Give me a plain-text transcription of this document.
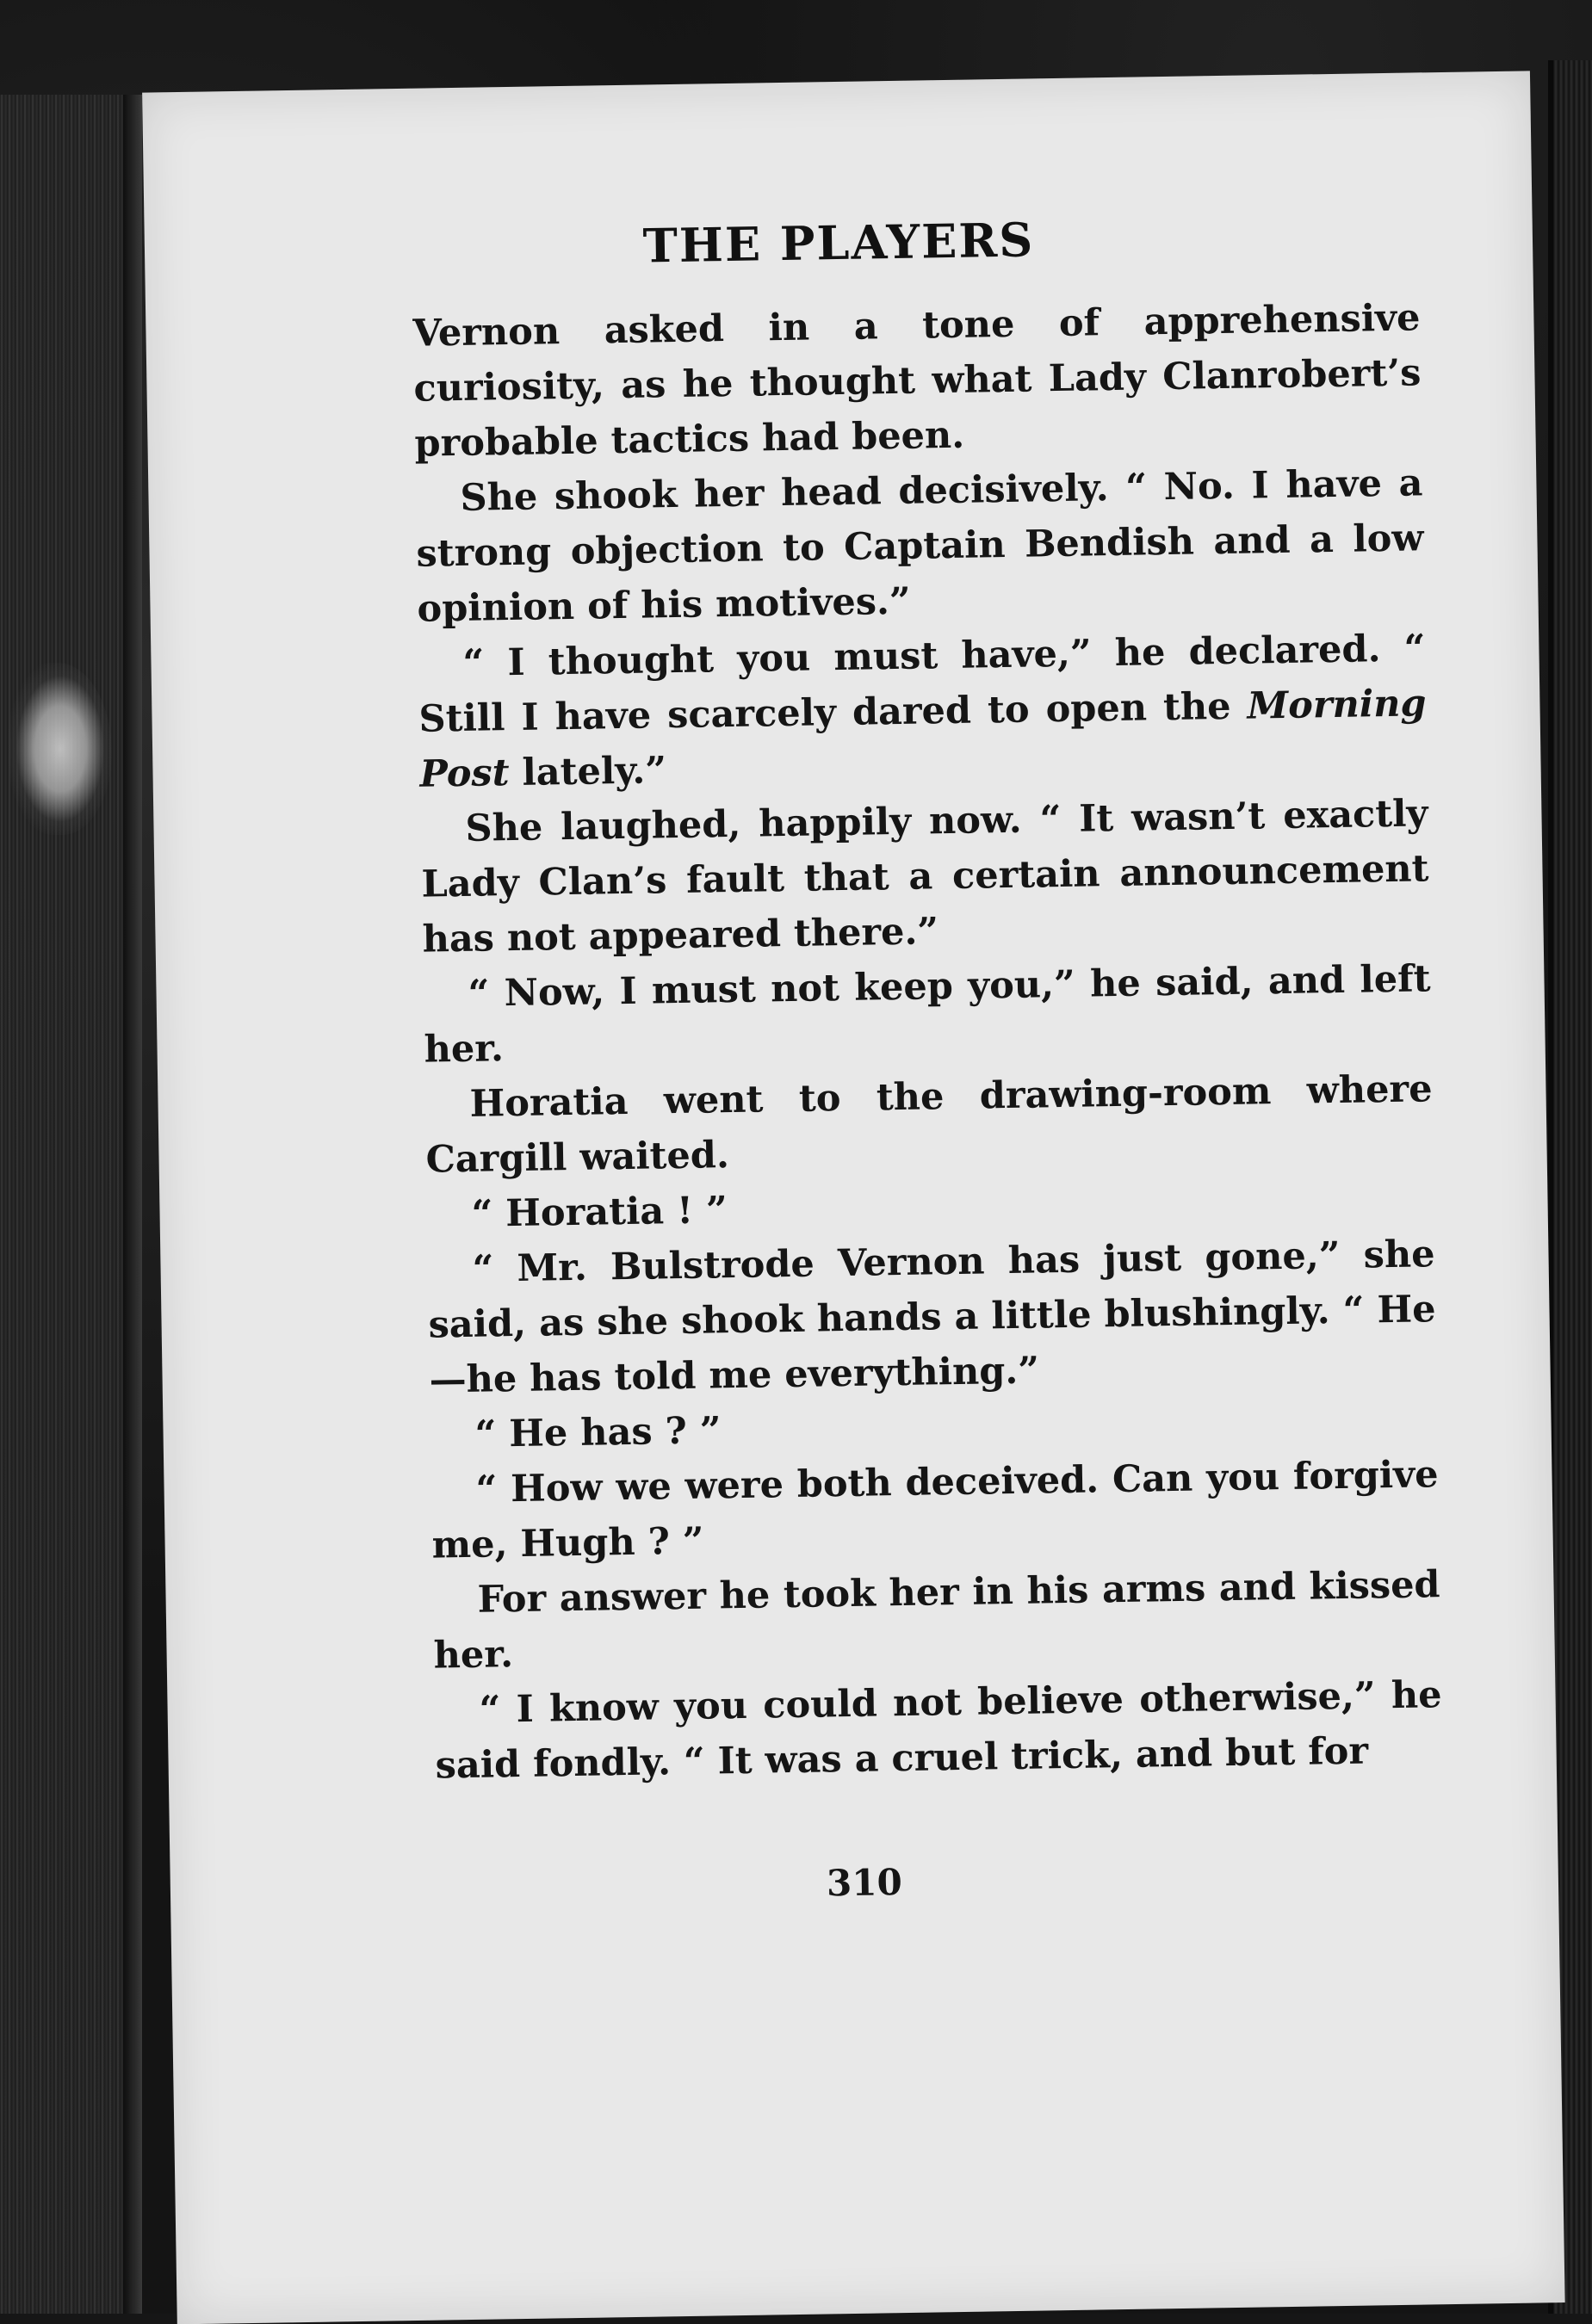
THE PLAYERS

Vernon asked in a tone of apprehensive curiosity, as he thought what Lady Clanrobert’s probable tactics had been.

She shook her head decisively. “ No. I have a strong objection to Captain Bendish and a low opinion of his motives.”

“ I thought you must have,” he declared. “ Still I have scarcely dared to open the Morning Post lately.”

She laughed, happily now. “ It wasn’t exactly Lady Clan’s fault that a certain announcement has not appeared there.”

“ Now, I must not keep you,” he said, and left her.

Horatia went to the drawing-room where Cargill waited.

“ Horatia ! ”

“ Mr. Bulstrode Vernon has just gone,” she said, as she shook hands a little blushingly. “ He—he has told me everything.”

“ He has ? ”

“ How we were both deceived. Can you forgive me, Hugh ? ”

For answer he took her in his arms and kissed her.

“ I know you could not believe otherwise,” he said fondly. “ It was a cruel trick, and but for

310
